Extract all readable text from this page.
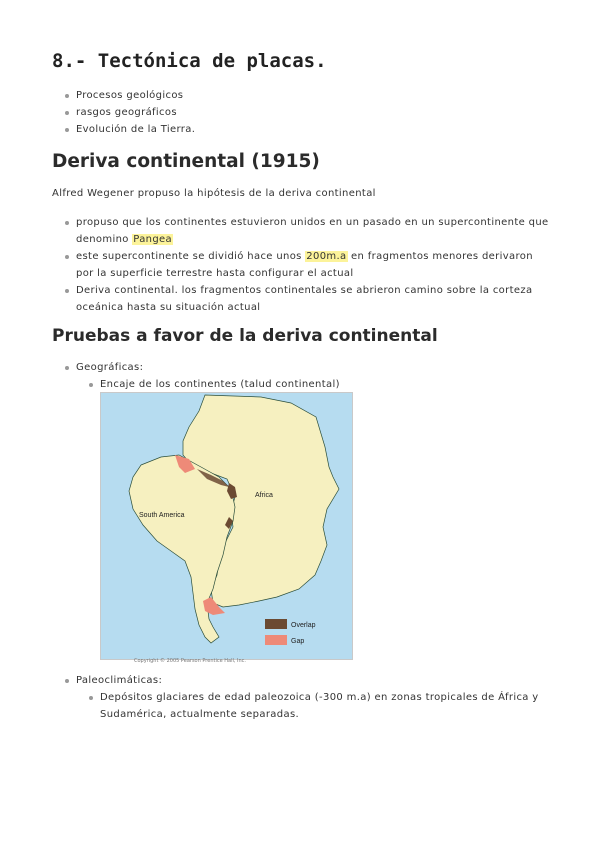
8.- Tectónica de placas.
Procesos geológicos
rasgos geográficos
Evolución de la Tierra.
Deriva continental (1915)

Alfred Wegener propuso la hipótesis de la deriva continental

propuso que los continentes estuvieron unidos en un pasado en un supercontinente que denomino Pangea
este supercontinente se dividió hace unos 200m.a en fragmentos menores derivaron por la superficie terrestre hasta configurar el actual
Deriva continental. los fragmentos continentales se abrieron camino sobre la corteza oceánica hasta su situación actual
Pruebas a favor de la deriva continental
Geográficas:
Encaje de los continentes (talud continental)
Africa
South America
Overlap
Gap
Copyright © 2005 Pearson Prentice Hall, Inc.
Paleoclimáticas:
Depósitos glaciares de edad paleozoica (-300 m.a) en zonas tropicales de África y Sudamérica, actualmente separadas.
